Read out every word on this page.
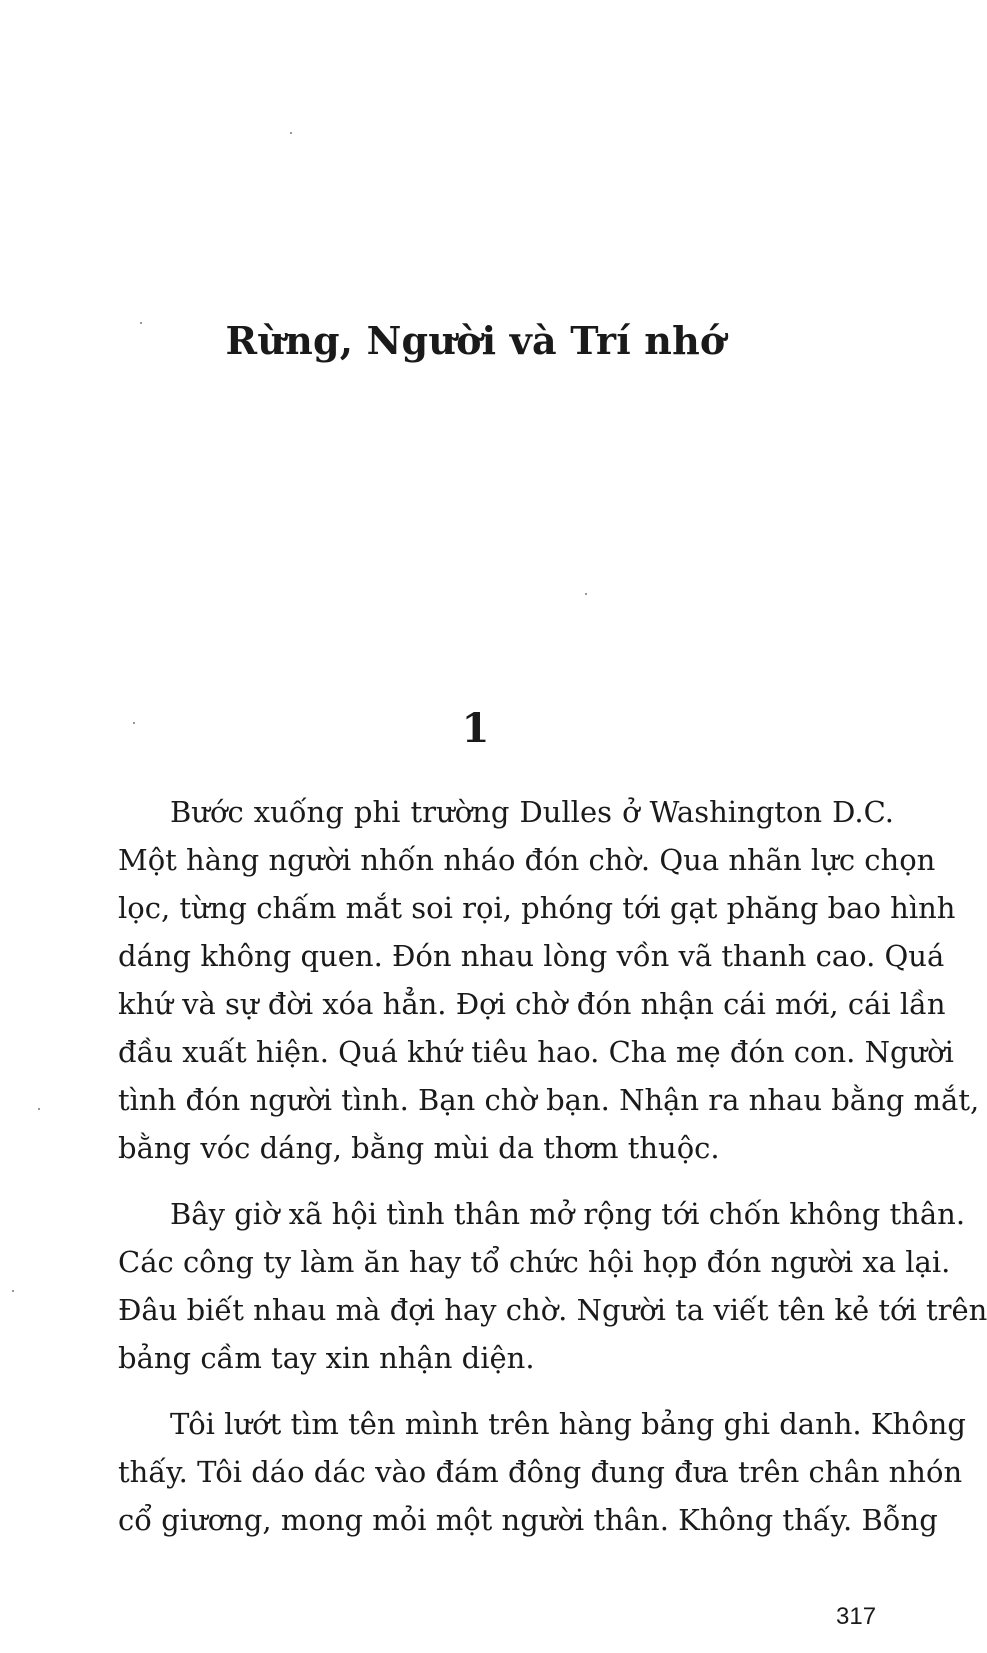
Rừng, Người và Trí nhớ
1

Bước xuống phi trường Dulles ở Washington D.C.
Một hàng người nhốn nháo đón chờ. Qua nhãn lực chọn
lọc, từng chấm mắt soi rọi, phóng tới gạt phăng bao hình
dáng không quen. Đón nhau lòng vồn vã thanh cao. Quá
khứ và sự đời xóa hẳn. Đợi chờ đón nhận cái mới, cái lần
đầu xuất hiện. Quá khứ tiêu hao. Cha mẹ đón con. Người
tình đón người tình. Bạn chờ bạn. Nhận ra nhau bằng mắt,
bằng vóc dáng, bằng mùi da thơm thuộc.

Bây giờ xã hội tình thân mở rộng tới chốn không thân.
Các công ty làm ăn hay tổ chức hội họp đón người xa lại.
Đâu biết nhau mà đợi hay chờ. Người ta viết tên kẻ tới trên
bảng cầm tay xin nhận diện.

Tôi lướt tìm tên mình trên hàng bảng ghi danh. Không
thấy. Tôi dáo dác vào đám đông đung đưa trên chân nhón
cổ giương, mong mỏi một người thân. Không thấy. Bỗng

317
